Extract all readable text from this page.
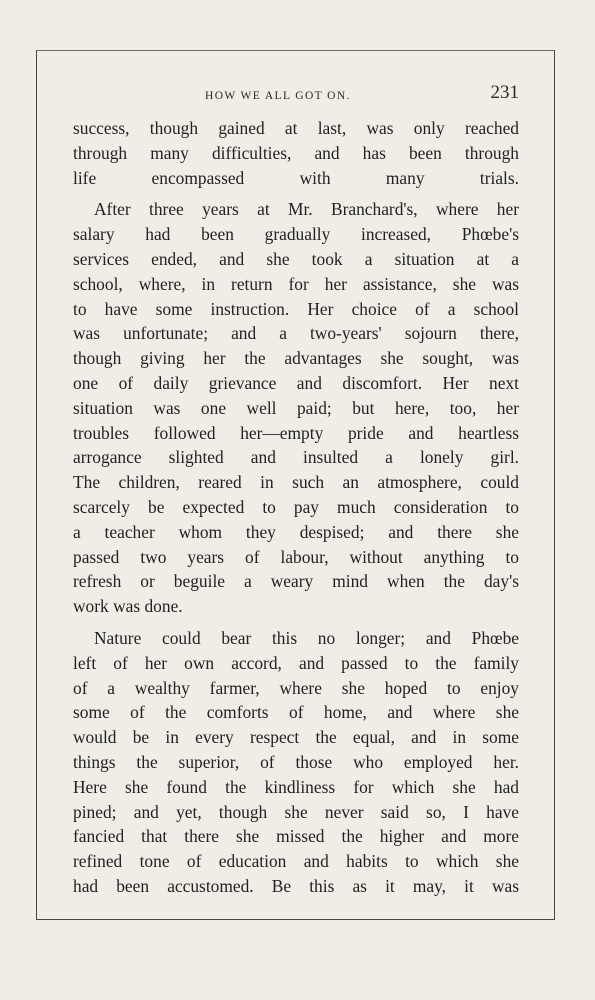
HOW WE ALL GOT ON.	231
success, though gained at last, was only reached
through many difficulties, and has been through
life encompassed with many trials.
After three years at Mr. Branchard's, where her
salary had been gradually increased, Phœbe's
services ended, and she took a situation at a
school, where, in return for her assistance, she was
to have some instruction. Her choice of a school
was unfortunate; and a two-years' sojourn there,
though giving her the advantages she sought, was
one of daily grievance and discomfort. Her next
situation was one well paid; but here, too, her
troubles followed her—empty pride and heartless
arrogance slighted and insulted a lonely girl.
The children, reared in such an atmosphere, could
scarcely be expected to pay much consideration to
a teacher whom they despised; and there she
passed two years of labour, without anything to
refresh or beguile a weary mind when the day's
work was done.
Nature could bear this no longer; and Phœbe
left of her own accord, and passed to the family
of a wealthy farmer, where she hoped to enjoy
some of the comforts of home, and where she
would be in every respect the equal, and in some
things the superior, of those who employed her.
Here she found the kindliness for which she had
pined; and yet, though she never said so, I have
fancied that there she missed the higher and more
refined tone of education and habits to which she
had been accustomed. Be this as it may, it was
